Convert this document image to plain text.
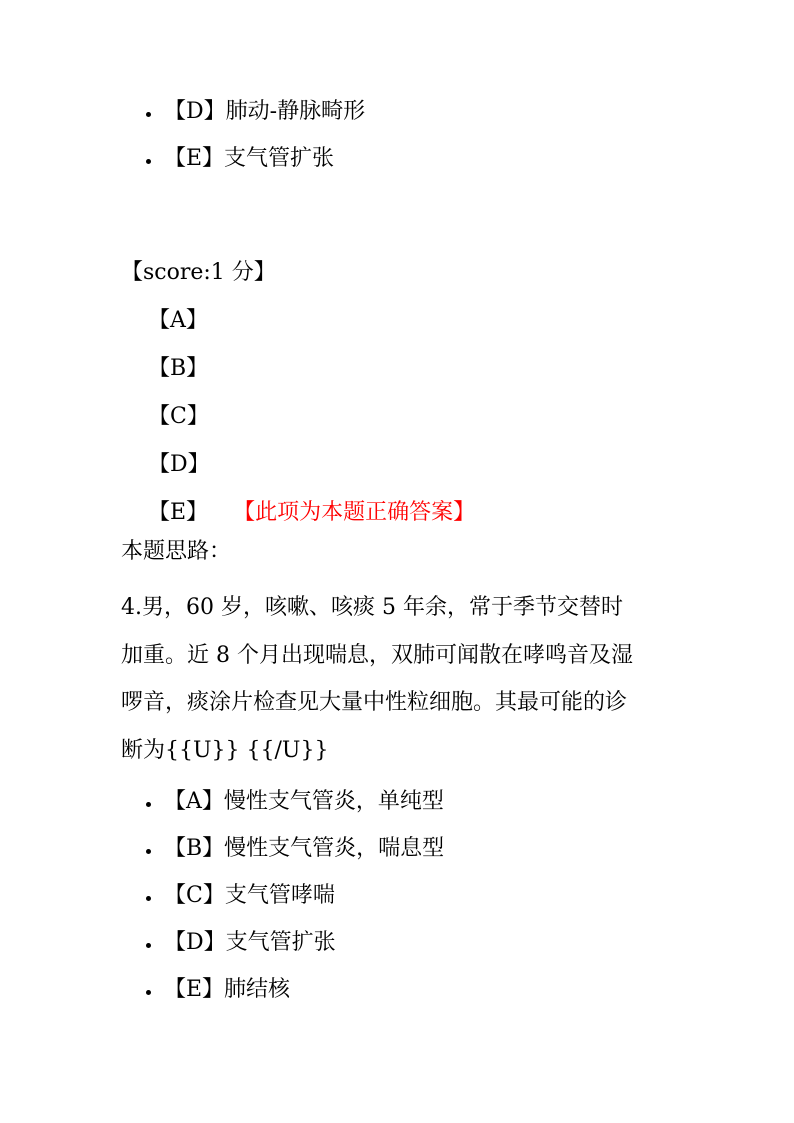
【D】肺动-静脉畸形
【E】支气管扩张
【score:1 分】
【A】
【B】
【C】
【D】
【E】 【此项为本题正确答案】
本题思路：

4.男，60 岁，咳嗽、咳痰 5 年余，常于季节交替时
加重。近 8 个月出现喘息，双肺可闻散在哮鸣音及湿
啰音，痰涂片检查见大量中性粒细胞。其最可能的诊
断为{{U}} {{/U}}

【A】慢性支气管炎，单纯型
【B】慢性支气管炎，喘息型
【C】支气管哮喘
【D】支气管扩张
【E】肺结核
